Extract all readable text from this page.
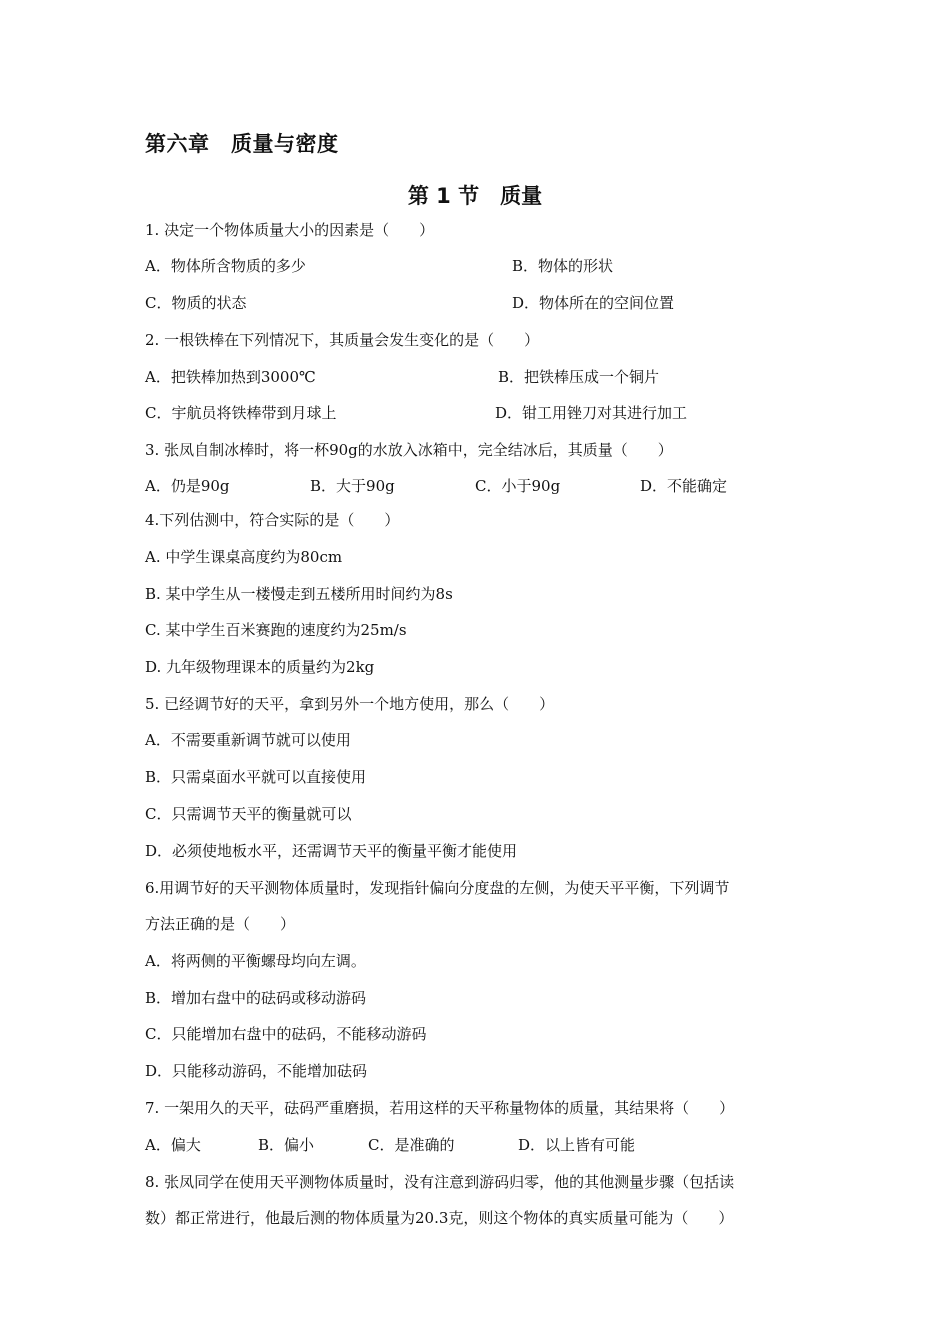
第六章　质量与密度
第 1 节　质量
1. 决定一个物体质量大小的因素是（　　）
A．物体所含物质的多少	B．物体的形状
C．物质的状态	D．物体所在的空间位置
2. 一根铁棒在下列情况下，其质量会发生变化的是（　　）
A．把铁棒加热到3000℃	B．把铁棒压成一个铜片
C．宇航员将铁棒带到月球上	D．钳工用锉刀对其进行加工
3. 张凤自制冰棒时，将一杯90g的水放入冰箱中，完全结冰后，其质量（　　）
A．仍是90g	B．大于90g	C．小于90g	D．不能确定
4.下列估测中，符合实际的是（　　）
A. 中学生课桌高度约为80cm
B. 某中学生从一楼慢走到五楼所用时间约为8s
C. 某中学生百米赛跑的速度约为25m/s
D. 九年级物理课本的质量约为2kg
5. 已经调节好的天平，拿到另外一个地方使用，那么（　　）
A．不需要重新调节就可以使用
B．只需桌面水平就可以直接使用
C．只需调节天平的衡量就可以
D．必须使地板水平，还需调节天平的衡量平衡才能使用
6.用调节好的天平测物体质量时，发现指针偏向分度盘的左侧，为使天平平衡，下列调节
方法正确的是（　　）
A．将两侧的平衡螺母均向左调。
B．增加右盘中的砝码或移动游码
C．只能增加右盘中的砝码，不能移动游码
D．只能移动游码，不能增加砝码
7. 一架用久的天平，砝码严重磨损，若用这样的天平称量物体的质量，其结果将（　　）
A．偏大	B．偏小	C．是准确的	D．以上皆有可能
8. 张凤同学在使用天平测物体质量时，没有注意到游码归零，他的其他测量步骤（包括读
数）都正常进行，他最后测的物体质量为20.3克，则这个物体的真实质量可能为（　　）
